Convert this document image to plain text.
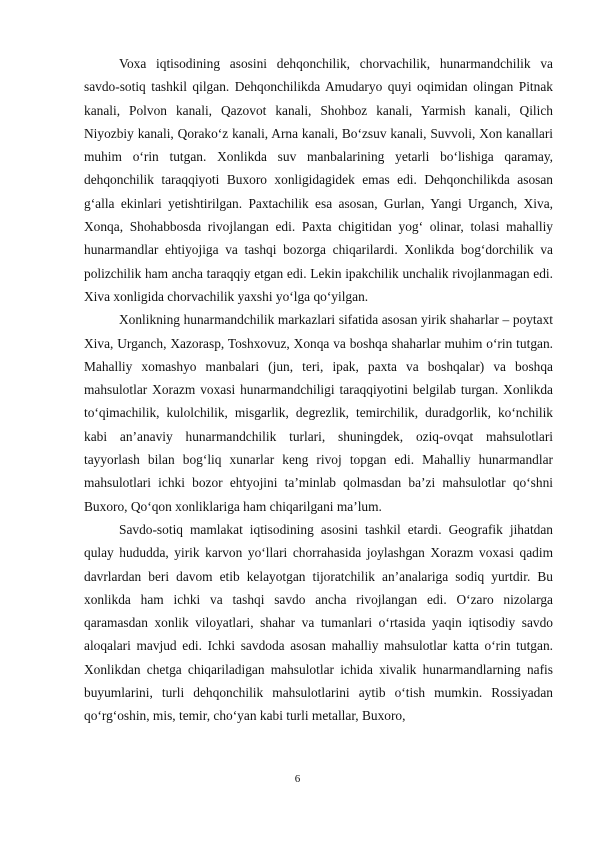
Voxa iqtisodining asosini dehqonchilik, chorvachilik, hunarmandchilik va savdo-sotiq tashkil qilgan. Dehqonchilikda Amudaryo quyi oqimidan olingan Pitnak kanali, Polvon kanali, Qazovot kanali, Shohboz kanali, Yarmish kanali, Qilich Niyozbiy kanali, Qorako‘z kanali, Arna kanali, Bo‘zsuv kanali, Suvvoli, Xon kanallari muhim o‘rin tutgan. Xonlikda suv manbalarining yetarli bo‘lishiga qaramay, dehqonchilik taraqqiyoti Buxoro xonligidagidek emas edi. Dehqonchilikda asosan g‘alla ekinlari yetishtirilgan. Paxtachilik esa asosan, Gurlan, Yangi Urganch, Xiva, Xonqa, Shohabbosda rivojlangan edi. Paxta chigitidan yog‘ olinar, tolasi mahalliy hunarmandlar ehtiyojiga va tashqi bozorga chiqarilardi. Xonlikda bog‘dorchilik va polizchilik ham ancha taraqqiy etgan edi. Lekin ipakchilik unchalik rivojlanmagan edi. Xiva xonligida chorvachilik yaxshi yo‘lga qo‘yilgan.

Xonlikning hunarmandchilik markazlari sifatida asosan yirik shaharlar – poytaxt Xiva, Urganch, Xazorasp, Toshxovuz, Xonqa va boshqa shaharlar muhim o‘rin tutgan. Mahalliy xomashyo manbalari (jun, teri, ipak, paxta va boshqalar) va boshqa mahsulotlar Xorazm voxasi hunarmandchiligi taraqqiyotini belgilab turgan. Xonlikda to‘qimachilik, kulolchilik, misgarlik, degrezlik, temirchilik, duradgorlik, ko‘nchilik kabi an’anaviy hunarmandchilik turlari, shuningdek, oziq-ovqat mahsulotlari tayyorlash bilan bog‘liq xunarlar keng rivoj topgan edi. Mahalliy hunarmandlar mahsulotlari ichki bozor ehtyojini ta’minlab qolmasdan ba’zi mahsulotlar qo‘shni Buxoro, Qo‘qon xonliklariga ham chiqarilgani ma’lum.

Savdo-sotiq mamlakat iqtisodining asosini tashkil etardi. Geografik jihatdan qulay hududda, yirik karvon yo‘llari chorrahasida joylashgan Xorazm voxasi qadim davrlardan beri davom etib kelayotgan tijoratchilik an’analariga sodiq yurtdir. Bu xonlikda ham ichki va tashqi savdo ancha rivojlangan edi. O‘zaro nizolarga qaramasdan xonlik viloyatlari, shahar va tumanlari o‘rtasida yaqin iqtisodiy savdo aloqalari mavjud edi. Ichki savdoda asosan mahalliy mahsulotlar katta o‘rin tutgan. Xonlikdan chetga chiqariladigan mahsulotlar ichida xivalik hunarmandlarning nafis buyumlarini, turli dehqonchilik mahsulotlarini aytib o‘tish mumkin. Rossiyadan qo‘rg‘oshin, mis, temir, cho‘yan kabi turli metallar, Buxoro,

6
